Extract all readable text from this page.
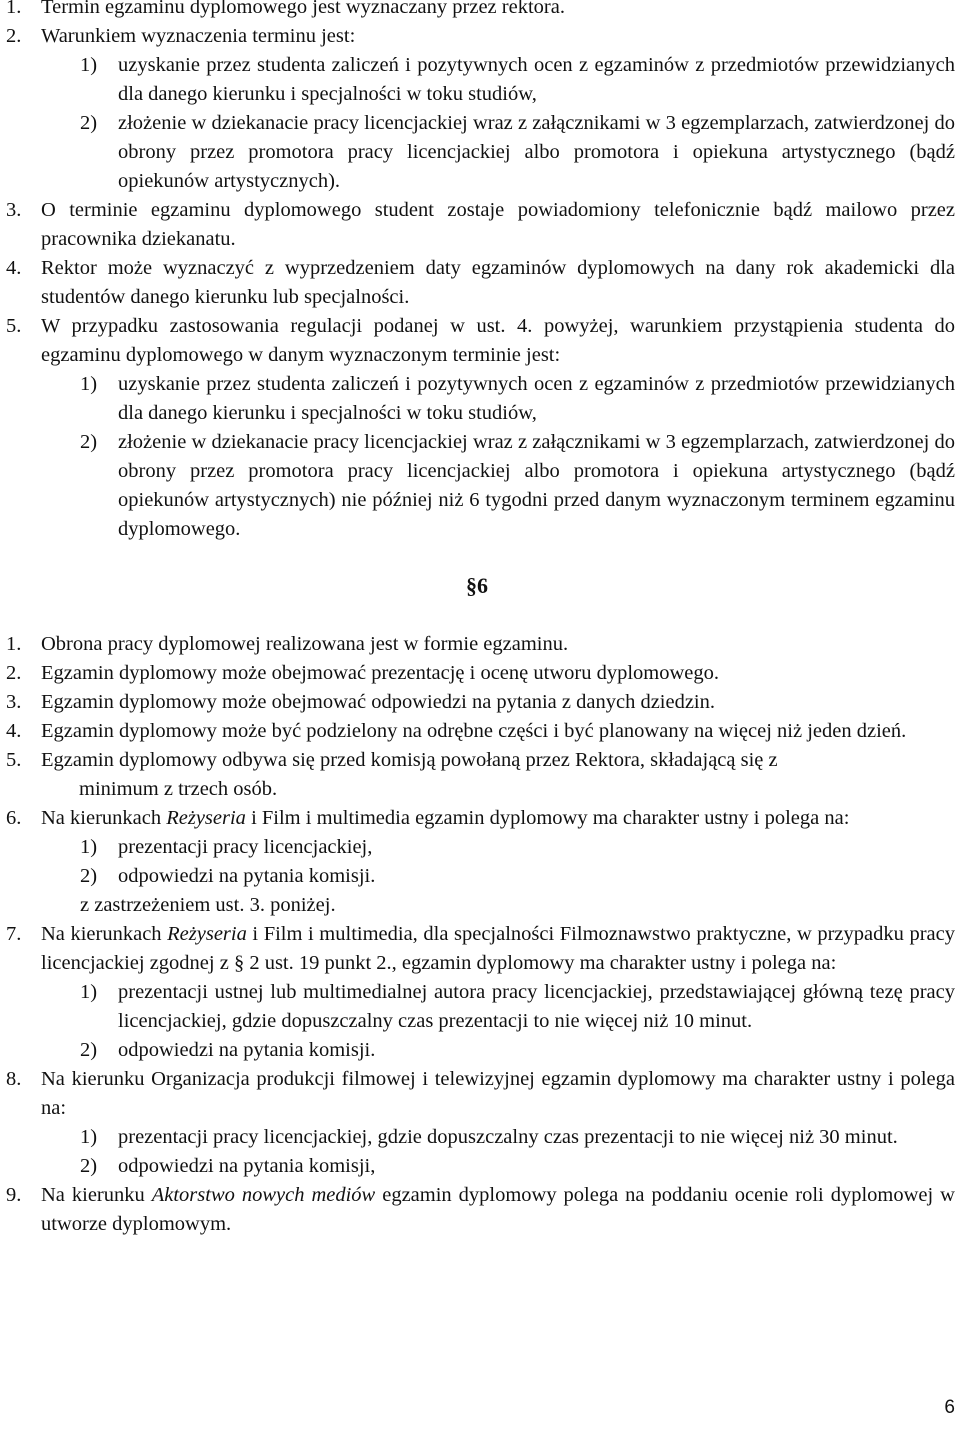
1. Termin egzaminu dyplomowego jest wyznaczany przez rektora.
2. Warunkiem wyznaczenia terminu jest:
1) uzyskanie przez studenta zaliczeń i pozytywnych ocen z egzaminów z przedmiotów przewidzianych dla danego kierunku i specjalności w toku studiów,
2) złożenie w dziekanacie pracy licencjackiej wraz z załącznikami w 3 egzemplarzach, zatwierdzonej do obrony przez promotora pracy licencjackiej albo promotora i opiekuna artystycznego (bądź opiekunów artystycznych).
3. O terminie egzaminu dyplomowego student zostaje powiadomiony telefonicznie bądź mailowo przez pracownika dziekanatu.
4. Rektor może wyznaczyć z wyprzedzeniem daty egzaminów dyplomowych na dany rok akademicki dla studentów danego kierunku lub specjalności.
5. W przypadku zastosowania regulacji podanej w ust. 4. powyżej, warunkiem przystąpienia studenta do egzaminu dyplomowego w danym wyznaczonym terminie jest:
1) uzyskanie przez studenta zaliczeń i pozytywnych ocen z egzaminów z przedmiotów przewidzianych dla danego kierunku i specjalności w toku studiów,
2) złożenie w dziekanacie pracy licencjackiej wraz z załącznikami w 3 egzemplarzach, zatwierdzonej do obrony przez promotora pracy licencjackiej albo promotora i opiekuna artystycznego (bądź opiekunów artystycznych) nie później niż 6 tygodni przed danym wyznaczonym terminem egzaminu dyplomowego.
§6
1. Obrona pracy dyplomowej realizowana jest w formie egzaminu.
2. Egzamin dyplomowy może obejmować prezentację i ocenę utworu dyplomowego.
3. Egzamin dyplomowy może obejmować odpowiedzi na pytania z danych dziedzin.
4. Egzamin dyplomowy może być podzielony na odrębne części i być planowany na więcej niż jeden dzień.
5. Egzamin dyplomowy odbywa się przed komisją powołaną przez Rektora, składającą się z
minimum z trzech osób.
6. Na kierunkach Reżyseria i Film i multimedia egzamin dyplomowy ma charakter ustny i polega na:
1) prezentacji pracy licencjackiej,
2) odpowiedzi na pytania komisji.
z zastrzeżeniem ust. 3. poniżej.
7. Na kierunkach Reżyseria i Film i multimedia, dla specjalności Filmoznawstwo praktyczne, w przypadku pracy licencjackiej zgodnej z § 2 ust. 19 punkt 2., egzamin dyplomowy ma charakter ustny i polega na:
1) prezentacji ustnej lub multimedialnej autora pracy licencjackiej, przedstawiającej główną tezę pracy licencjackiej, gdzie dopuszczalny czas prezentacji to nie więcej niż 10 minut.
2) odpowiedzi na pytania komisji.
8. Na kierunku Organizacja produkcji filmowej i telewizyjnej egzamin dyplomowy ma charakter ustny i polega na:
1) prezentacji pracy licencjackiej, gdzie dopuszczalny czas prezentacji to nie więcej niż 30 minut.
2) odpowiedzi na pytania komisji,
9. Na kierunku Aktorstwo nowych mediów egzamin dyplomowy polega na poddaniu ocenie roli dyplomowej w utworze dyplomowym.
6
